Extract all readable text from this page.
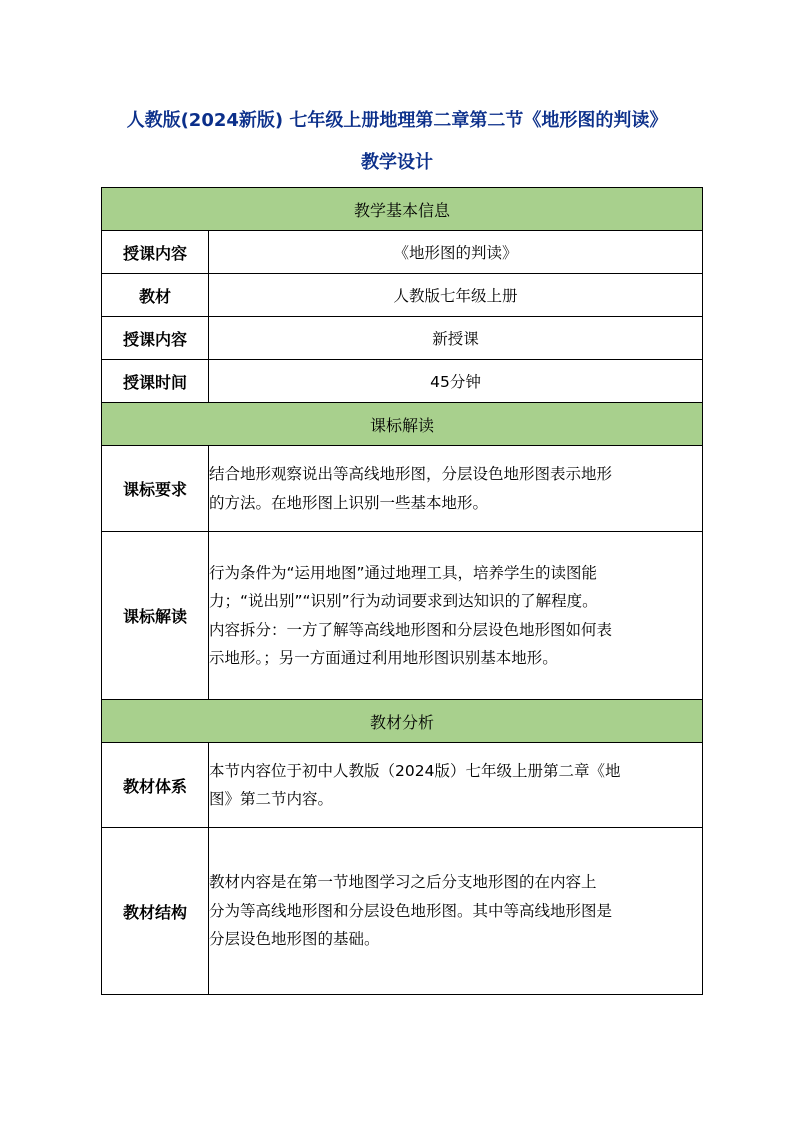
人教版(2024新版) 七年级上册地理第二章第二节《地形图的判读》
教学设计
教学基本信息	
授课内容	《地形图的判读》
教材	人教版七年级上册
授课内容	新授课
授课时间	45分钟
课标解读	
课标要求	结合地形观察说出等高线地形图，分层设色地形图表示地形
的方法。在地形图上识别一些基本地形。

课标解读	行为条件为“运用地图”通过地理工具，培养学生的读图能
力；“说出别”“识别”行为动词要求到达知识的了解程度。
内容拆分：一方了解等高线地形图和分层设色地形图如何表
示地形。；另一方面通过利用地形图识别基本地形。

教材分析	
教材体系	本节内容位于初中人教版（2024版）七年级上册第二章《地
图》第二节内容。

教材结构	教材内容是在第一节地图学习之后分支地形图的在内容上
分为等高线地形图和分层设色地形图。其中等高线地形图是
分层设色地形图的基础。
